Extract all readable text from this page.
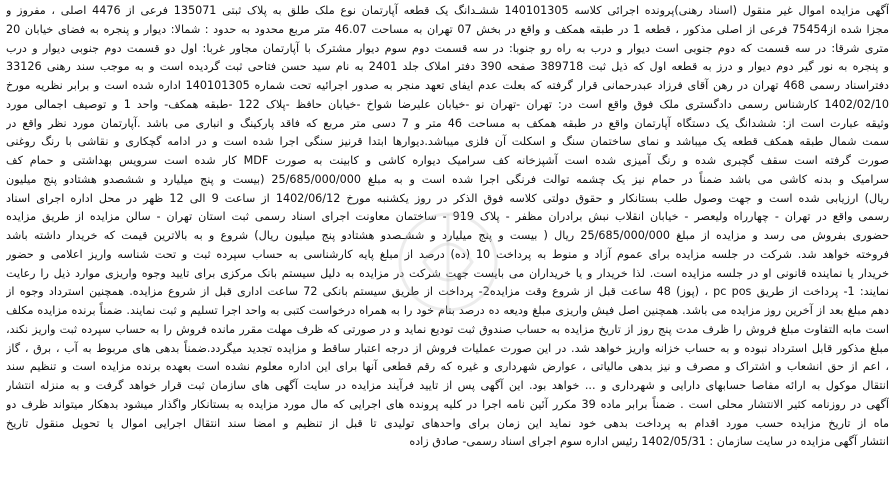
آگهی مزایده اموال غیر منقول (اسناد رهنی)پرونده اجرائی کلاسه 140101305 ششـدانگ یک قطعه آپارتمان نوع ملک طلق به پلاک ثبتی 135071 فرعی از 4476 اصلی ، مفروز و

مجزا شده از75454 فرعی از اصلی مذکور ، قطعه 1 در طبقه همکف و واقع در بخش 07 تهران به مساحت 46.07 متر مربع محدود به حدود : شمالا: دیوار و پنجره به فضای خیابان 20

متری شرقا: در سه قسمت که دوم جنوبی است دیوار و درب به راه رو جنوبا: در سه قسمت دوم سوم دیوار مشترک با آپارتمان مجاور غربا: اول دو قسمت دوم جنوبی دیوار و درب

و پنجره به نور گیر دوم دیوار و درز به قطعه اول که ذیل ثبت 389718 صفحه 390 دفتر املاک جلد 2401 به نام سید حسن فتاحی ثبت گردیده است و به موجب سند رهنی 33126

دفتراسناد رسمی 468 تهران در رهن آقای فرزاد عبدرحمانی قرار گرفته که بعلت عدم ایفای تعهد منجر به صدور اجرائیه تحت شماره 140101305 اداره شده است و برابر نظریه مورخ

1402/02/10 کارشناس رسمی دادگستری ملک فوق واقع است در: تهران -تهران نو -خیابان علیرضا شواخ -خیابان حافظ -پلاک 122 -طبقه همکف- واحد 1 و توصیف اجمالی مورد

وثیقه عبارت است از: ششدانگ یک دستگاه آپارتمان واقع در طبقه همکف به مساحت 46 متر و 7 دسی متر مربع که فاقد پارکینگ و انباری می باشد .آپارتمان مورد نظر واقع در

سمت شمال طبقه همکف قطعه یک میباشد و نمای ساختمان سنگ و اسکلت آن فلزی میباشد.دیوارها ابتدا قرنیز سنگی اجرا شده است و در ادامه گچکاری و نقاشی با رنگ روغنی

صورت گرفته است سقف گچبری شده و رنگ آمیزی شده است آشپزخانه کف سرامیک دیواره کاشی و کابینت به صورت MDF کار شده است سرویس بهداشتی و حمام کف

سرامیک و بدنه کاشی می باشد ضمناً در حمام نیز یک چشمه توالت فرنگی اجرا شده است و به مبلغ 25/685/000/000 (بیست و پنج میلیارد و ششصدو هشتادو پنج میلیون

ریال) ارزیابی شده است و جهت وصول طلب بستانکار و حقوق دولتی کلاسه فوق الذکر در روز یکشنبه مورخ 1402/06/12 از ساعت 9 الی 12 ظهر در محل اداره اجرای اسناد

رسمی واقع در تهران - چهارراه ولیعصر - خیابان انقلاب نبش برادران مظفر - پلاک 919 - ساختمان معاونت اجرای اسناد رسمی ثبت استان تهران - سالن مزایده از طریق مزایده

حضوری بفروش می رسد و مزایده از مبلغ 25/685/000/000 ریال ( بیست و پنج میلیارد و ششـصدو هشتادو پنج میلیون ریال) شروع و به بالاترین قیمت که خریدار داشته باشد

فروخته خواهد شد. شرکت در جلسه مزایده برای عموم آزاد و منوط به پرداخت 10 (ده) درصد از مبلغ پایه کارشناسی به حساب سپرده ثبت و تحت شناسه واریز اعلامی و حضور

خریدار یا نماینده قانونی او در جلسه مزایده است. لذا خریدار و یا خریداران می بایست جهت شرکت در مزایده به دلیل سیستم بانک مرکزی برای تایید وجوه واریزی موارد ذیل را رعایت

نمایند: 1- پرداخت از طریق pc pos ، (پوز) 48 ساعت قبل از شروع وقت مزایده2- پرداخت از طریق سیستم بانکی 72 ساعت اداری قبل از شروع مزایده. همچنین استرداد وجوه از

دهم مبلغ بعد از آخرین روز مزایده می باشد. همچنین اصل فیش واریزی مبلغ ودیعه ده درصد بنام خود را به همراه درخواست کتبی به واحد اجرا تسلیم و ثبت نمایند. ضمناً برنده مزایده مکلف

است مابه التفاوت مبلغ فروش را ظرف مدت پنج روز از تاریخ مزایده به حساب صندوق ثبت تودیع نماید و در صورتی که ظرف مهلت مقرر مانده فروش را به حساب سپرده ثبت واریز نکند،

مبلغ مذکور قابل استرداد نبوده و به حساب خزانه واریز خواهد شد. در این صورت عملیات فروش از درجه اعتبار ساقط و مزایده تجدید میگردد.ضمناً بدهی های مربوط به آب ، برق ، گاز

، اعم از حق انشعاب و اشتراک و مصرف و نیز بدهی مالیاتی ، عوارض شهرداری و غیره که رقم قطعی آنها برای این اداره معلوم نشده است بعهده برنده مزایده است و تنظیم سند

انتقال موکول به ارائه مفاصا حسابهای دارایی و شهرداری و ... خواهد بود. این آگهی پس از تایید فرآیند مزایده در سایت آگهی های سازمان ثبت قرار خواهد گرفت و به منزله انتشار

آگهی در روزنامه کثیر الانتشار محلی است . ضمناً برابر ماده 39 مکرر آئین نامه اجرا در کلیه پرونده های اجرایی که مال مورد مزایده به بستانکار واگذار میشود بدهکار میتواند ظرف دو

ماه از تاریخ مزایده حسب مورد اقدام به پرداخت بدهی خود نماید این زمان برای واحدهای تولیدی تا قبل از تنظیم و امضا سند انتقال اجرایی اموال یا تحویل منقول تاریخ

انتشار آگهی مزایده در سایت سازمان : 1402/05/31 رئیس اداره سوم اجرای اسناد رسمی- صادق زاده
